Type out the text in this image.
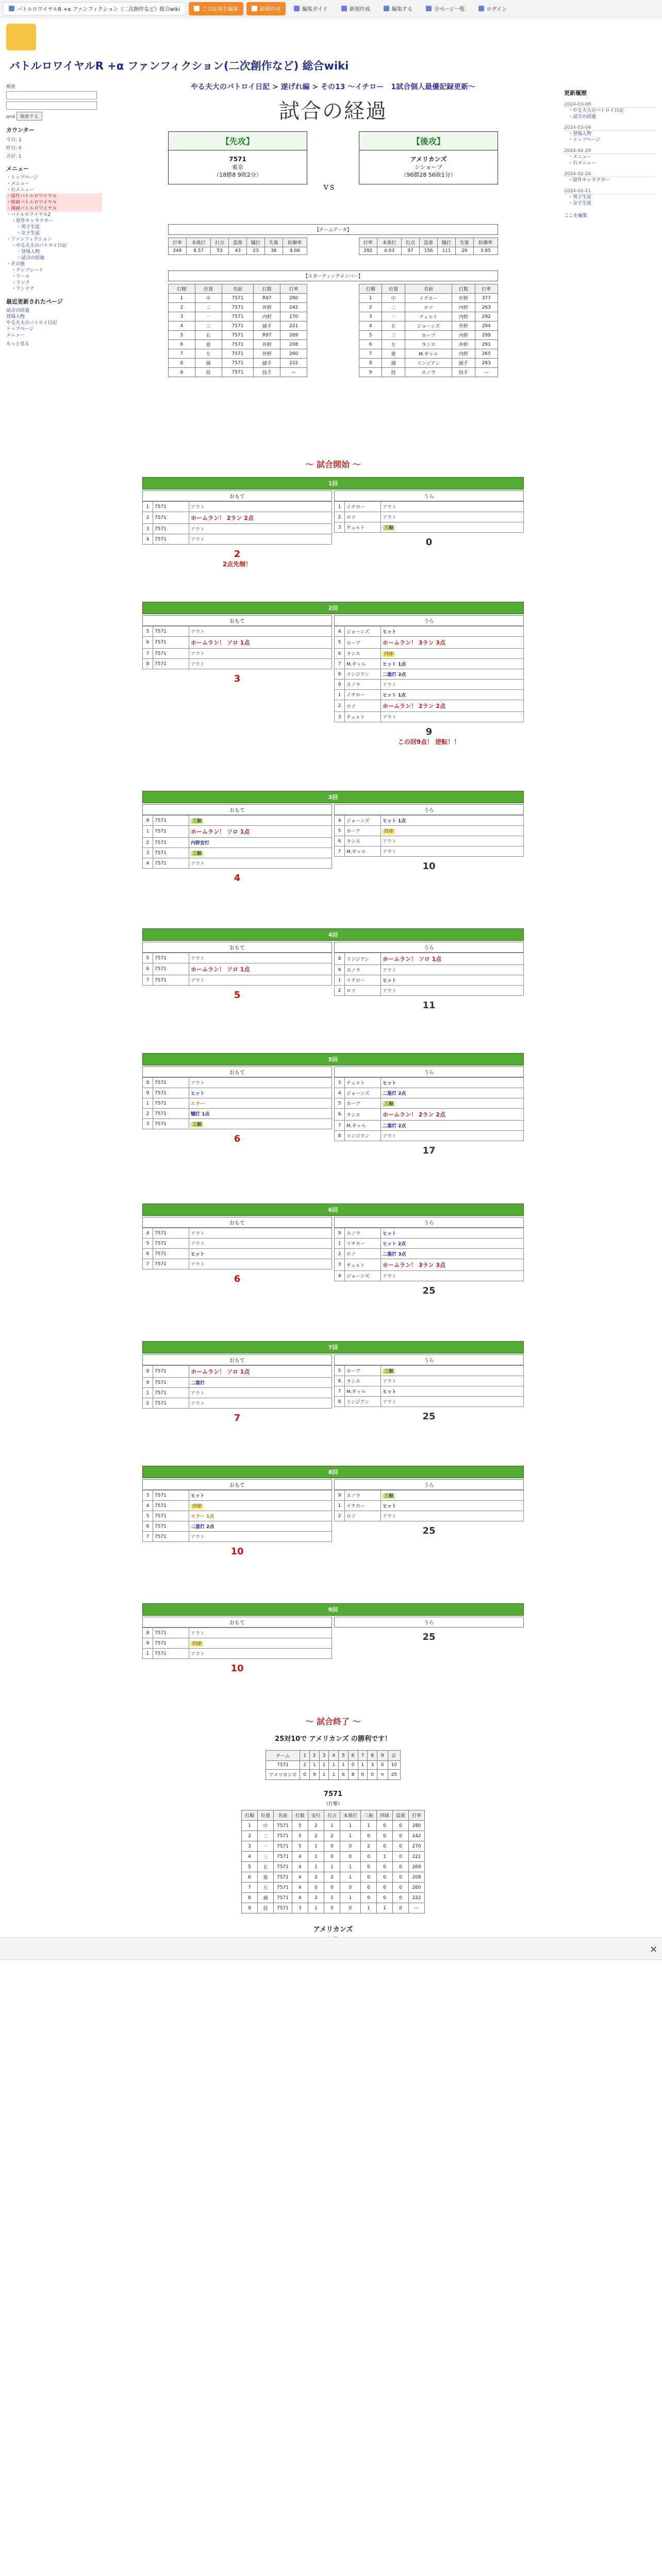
バトルロワイヤルR +α ファンフィクション（二次創作など）総合wiki	この記事を編集	新規作成	編集ガイド	新規作成	編集する	全ページ一覧	ログイン
バトルロワイヤルR +α ファンフィクション(二次創作など) 総合wiki
検索
and 検索する
カウンター
今日: 1
昨日: 0
合計: 1
メニュー
・トップページ
・メニュー
・右メニュー
・原作バトルロワイヤル
・映画バトルロワイヤル
・漫画バトルロワイヤル
・バトルロワイヤル2
・原作キャラクター
・男子生徒
・女子生徒
・ファンフィクション
・やる夫大のバトロイ日記
・登場人物
・試合の経過
・その他
・テンプレート
・ツール
・リンク
・アンテナ
最近更新されたページ
試合の経過
登場人物
やる夫大のバトロイ日記
トップページ
メニュー
もっと見る
更新履歴
2024-03-08
・やる夫大のバトロイ日記
・試合の経過
2024-03-04
・登場人物
・トップページ
2024-02-29
・メニュー
・右メニュー
2024-02-26
・原作キャラクター
2024-02-21
・男子生徒
・女子生徒
ここを編集
やる夫大のバトロイ日記 > 遂げれ編 > その13 ～イチロー　1試合個人最優記録更新～
試合の経過
【先攻】
7571
東京
（18勝8 9敗2分）
ＶＳ
【後攻】
アメリカンズ
シショーブ
（96勝28 56敗1分）
【チームデータ】
打率	本塁打	打点	盗塁	犠打	失策	防御率
248	8.57	53	43	23	38	4.06
打率	本塁打	打点	盗塁	犠打	失策	防御率
292	4.03	97	156	111	29	3.85
【スターティングメンバー】
打順	位置	名前	打数	打率
1	中	7571	R97	280
2	二	7571	外野	242
3	一	7571	内野	270
4	三	7571	捕手	221
5	右	7571	R97	269
6	遊	7571	外野	208
7	左	7571	外野	260
8	捕	7571	捕手	222
9	投	7571	投手	—
打順	位置	名前	打数	打率
1	中	イチロー	外野	377
2	二	ロソ	内野	263
3	一	チェルト	内野	292
4	右	ジョーンズ	外野	294
5	三	ホーブ	内野	299
6	左	ランス	外野	291
7	遊	M.ギャル	内野	265
8	捕	リンジアン	捕手	283
9	投	スノウ	投手	—
～ 試合開始 ～
1回
おもて
1	7571	アウト
2	7571	ホームラン！ 2ラン 2点
3	7571	アウト
4	7571	アウト
2
2点先制！
うら
1	イチロー	アウト
2	ロソ	アウト
3	チェルト	三振
0
2回
おもて
5	7571	アウト
6	7571	ホームラン！ ソロ 1点
7	7571	アウト
8	7571	アウト
3
うら
4	ジョーンズ	ヒット
5	ホーブ	ホームラン！ 3ラン 3点
6	ランス	四球
7	M.ギャル	ヒット 1点
8	リンジアン	二塁打 2点
9	スノウ	アウト
1	イチロー	ヒット 1点
2	ロソ	ホームラン！ 2ラン 2点
3	チェルト	アウト
9
この回9点！ 逆転！！
3回
おもて
9	7571	三振
1	7571	ホームラン！ ソロ 1点
2	7571	内野安打
3	7571	三振
4	7571	アウト
4
うら
4	ジョーンズ	ヒット 1点
5	ホーブ	四球
6	ランス	アウト
7	M.ギャル	アウト
10
4回
おもて
5	7571	アウト
6	7571	ホームラン！ ソロ 1点
7	7571	アウト
5
うら
8	リンジアン	ホームラン！ ソロ 1点
9	スノウ	アウト
1	イチロー	ヒット
2	ロソ	アウト
11
5回
おもて
8	7571	アウト
9	7571	ヒット
1	7571	エラー
2	7571	犠打 1点
3	7571	三振
6
うら
3	チェルト	ヒット
4	ジョーンズ	二塁打 2点
5	ホーブ	三振
6	ランス	ホームラン！ 2ラン 2点
7	M.ギャル	二塁打 2点
8	リンジアン	アウト
17
6回
おもて
4	7571	アウト
5	7571	アウト
6	7571	ヒット
7	7571	アウト
6
うら
9	スノウ	ヒット
1	イチロー	ヒット 2点
2	ロソ	二塁打 3点
3	チェルト	ホームラン！ 3ラン 3点
4	ジョーンズ	アウト
25
7回
おもて
8	7571	ホームラン！ ソロ 1点
9	7571	二塁打
1	7571	アウト
2	7571	アウト
7
うら
5	ホーブ	三振
6	ランス	アウト
7	M.ギャル	ヒット
8	リンジアン	アウト
25
8回
おもて
3	7571	ヒット
4	7571	四球
5	7571	エラー 1点
6	7571	二塁打 2点
7	7571	アウト
10
うら
9	スノウ	三振
1	イチロー	ヒット
2	ロソ	アウト
25
9回
おもて
8	7571	アウト
9	7571	四球
1	7571	アウト
10
うら
25
～ 試合終了 ～
25対10で アメリカンズ の勝利です！
チーム	1	2	3	4	5	6	7	8	9	計
7571	2	1	1	1	1	0	1	3	0	10
アメリカンズ	0	9	1	1	6	8	0	0	×	25
7571
（打撃）
打順	位置	名前	打数	安打	打点	本塁打	三振	四球	盗塁	打率
1	中	7571	5	2	1	1	1	0	0	280
2	二	7571	5	2	2	1	0	0	0	242
3	一	7571	5	1	0	0	2	0	0	270
4	三	7571	4	1	0	0	0	1	0	221
5	右	7571	4	1	1	1	0	0	0	269
6	遊	7571	4	2	2	1	0	0	0	208
7	左	7571	4	0	0	0	0	0	0	260
8	捕	7571	4	2	1	1	0	0	0	222
9	投	7571	3	1	0	0	1	1	0	—
アメリカンズ
✕
